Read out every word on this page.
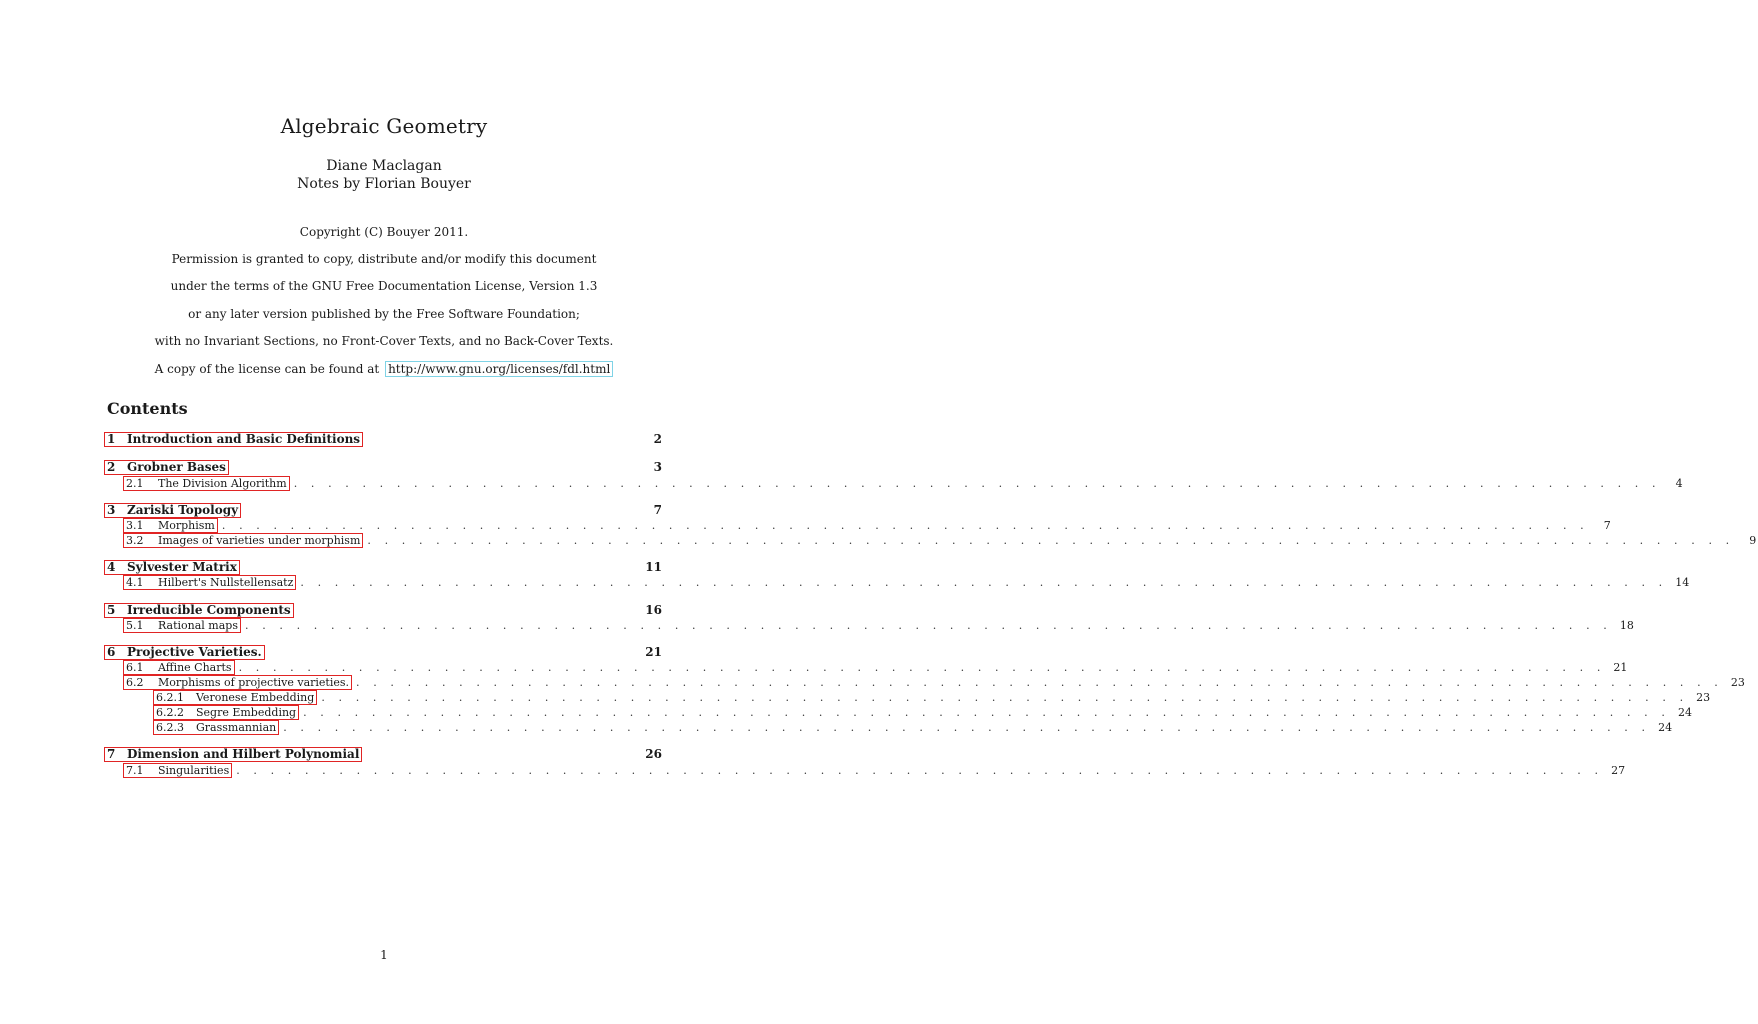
Algebraic Geometry
Diane Maclagan
Notes by Florian Bouyer
Copyright (C) Bouyer 2011.
Permission is granted to copy, distribute and/or modify this document
under the terms of the GNU Free Documentation License, Version 1.3
or any later version published by the Free Software Foundation;
with no Invariant Sections, no Front-Cover Texts, and no Back-Cover Texts.
A copy of the license can be found at http://www.gnu.org/licenses/fdl.html
Contents
1 Introduction and Basic Definitions	2
2 Grobner Bases	3
2.1	The Division Algorithm . . . . . . . . . . . . . . . . . . . . . . . . . . . . . . . . . . . . . . . . . . . . . . . . . . . . . . . . . . . . . . . . . . . . . . . . . . . . . . . .	4
3 Zariski Topology	7
3.1	Morphism . . . . . . . . . . . . . . . . . . . . . . . . . . . . . . . . . . . . . . . . . . . . . . . . . . . . . . . . . . . . . . . . . . . . . . . . . . . . . . . .	7
3.2	Images of varieties under morphism . . . . . . . . . . . . . . . . . . . . . . . . . . . . . . . . . . . . . . . . . . . . . . . . . . . . . . . . . . . . . . . . . . . . . . . . . . . . . . . .	9
4 Sylvester Matrix	11
4.1	Hilbert's Nullstellensatz . . . . . . . . . . . . . . . . . . . . . . . . . . . . . . . . . . . . . . . . . . . . . . . . . . . . . . . . . . . . . . . . . . . . . . . . . . . . . . . . 14
5 Irreducible Components	16
5.1	Rational maps . . . . . . . . . . . . . . . . . . . . . . . . . . . . . . . . . . . . . . . . . . . . . . . . . . . . . . . . . . . . . . . . . . . . . . . . . . . . . . . . 18
6 Projective Varieties.	21
6.1	Affine Charts . . . . . . . . . . . . . . . . . . . . . . . . . . . . . . . . . . . . . . . . . . . . . . . . . . . . . . . . . . . . . . . . . . . . . . . . . . . . . . . . 21
6.2	Morphisms of projective varieties. . . . . . . . . . . . . . . . . . . . . . . . . . . . . . . . . . . . . . . . . . . . . . . . . . . . . . . . . . . . . . . . . . . . . . . . . . . . . . . . . 23
6.2.1	Veronese Embedding . . . . . . . . . . . . . . . . . . . . . . . . . . . . . . . . . . . . . . . . . . . . . . . . . . . . . . . . . . . . . . . . . . . . . . . . . . . . . . . . 23
6.2.2	Segre Embedding . . . . . . . . . . . . . . . . . . . . . . . . . . . . . . . . . . . . . . . . . . . . . . . . . . . . . . . . . . . . . . . . . . . . . . . . . . . . . . . . 24
6.2.3	Grassmannian . . . . . . . . . . . . . . . . . . . . . . . . . . . . . . . . . . . . . . . . . . . . . . . . . . . . . . . . . . . . . . . . . . . . . . . . . . . . . . . . 24
7 Dimension and Hilbert Polynomial	26
7.1	Singularities . . . . . . . . . . . . . . . . . . . . . . . . . . . . . . . . . . . . . . . . . . . . . . . . . . . . . . . . . . . . . . . . . . . . . . . . . . . . . . . . 27
1
